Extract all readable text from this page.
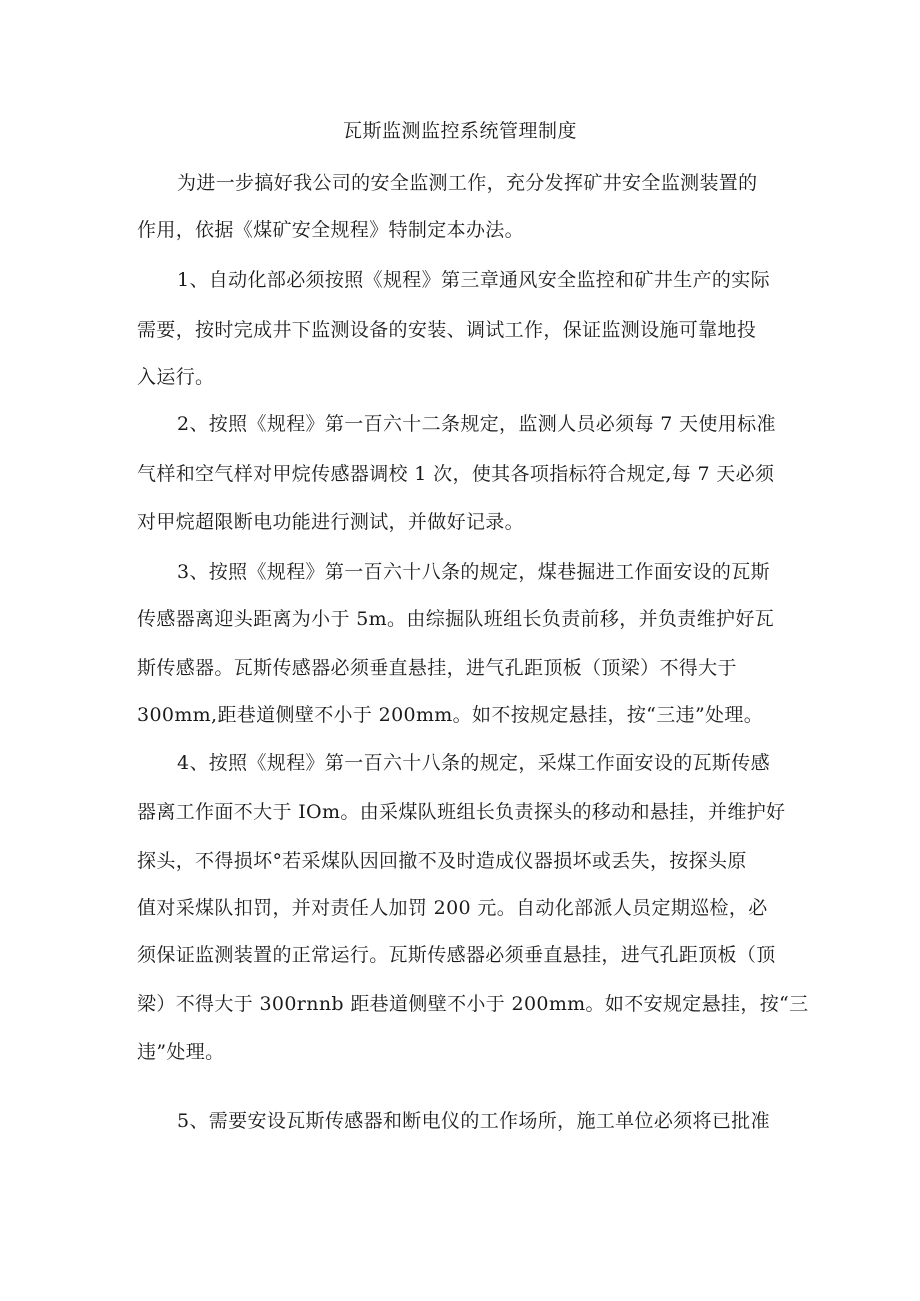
瓦斯监测监控系统管理制度
为进一步搞好我公司的安全监测工作，充分发挥矿井安全监测装置的
作用，依据《煤矿安全规程》特制定本办法。
1、自动化部必须按照《规程》第三章通风安全监控和矿井生产的实际
需要，按时完成井下监测设备的安装、调试工作，保证监测设施可靠地投
入运行。
2、按照《规程》第一百六十二条规定，监测人员必须每 7 天使用标准
气样和空气样对甲烷传感器调校 1 次，使其各项指标符合规定,每 7 天必须
对甲烷超限断电功能进行测试，并做好记录。
3、按照《规程》第一百六十八条的规定，煤巷掘进工作面安设的瓦斯
传感器离迎头距离为小于 5m。由综掘队班组长负责前移，并负责维护好瓦
斯传感器。瓦斯传感器必须垂直悬挂，进气孔距顶板（顶梁）不得大于
300mm,距巷道侧壁不小于 200mm。如不按规定悬挂，按“三违”处理。
4、按照《规程》第一百六十八条的规定，采煤工作面安设的瓦斯传感
器离工作面不大于 IOm。由采煤队班组长负责探头的移动和悬挂，并维护好
探头，不得损坏°若采煤队因回撤不及时造成仪器损坏或丢失，按探头原
值对采煤队扣罚，并对责任人加罚 200 元。自动化部派人员定期巡检，必
须保证监测装置的正常运行。瓦斯传感器必须垂直悬挂，进气孔距顶板（顶
梁）不得大于 300rnnb 距巷道侧壁不小于 200mm。如不安规定悬挂，按“三
违”处理。
5、需要安设瓦斯传感器和断电仪的工作场所，施工单位必须将已批准
